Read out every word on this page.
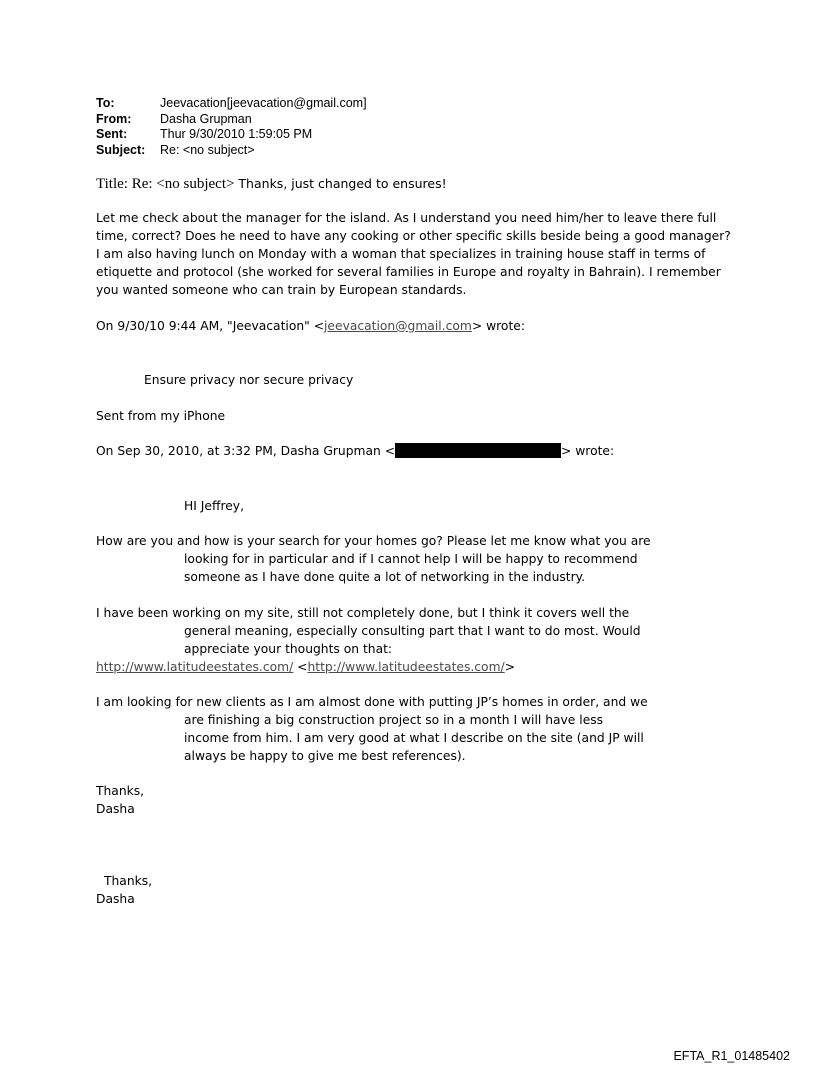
To:	Jeevacation[jeevacation@gmail.com]
From:	Dasha Grupman
Sent:	Thur 9/30/2010 1:59:05 PM
Subject:	Re: <no subject>
Title: Re: <no subject> Thanks, just changed to ensures!
Let me check about the manager for the island. As I understand you need him/her to leave there full
time, correct? Does he need to have any cooking or other specific skills beside being a good manager?
I am also having lunch on Monday with a woman that specializes in training house staff in terms of
etiquette and protocol (she worked for several families in Europe and royalty in Bahrain). I remember
you wanted someone who can train by European standards.
On 9/30/10 9:44 AM, "Jeevacation" <jeevacation@gmail.com> wrote:
Ensure privacy nor secure privacy
Sent from my iPhone
On Sep 30, 2010, at 3:32 PM, Dasha Grupman <	> wrote:
HI Jeffrey,
How are you and how is your search for your homes go? Please let me know what you are
looking for in particular and if I cannot help I will be happy to recommend
someone as I have done quite a lot of networking in the industry.
I have been working on my site, still not completely done, but I think it covers well the
general meaning, especially consulting part that I want to do most. Would
appreciate your thoughts on that:
http://www.latitudeestates.com/ <http://www.latitudeestates.com/>
I am looking for new clients as I am almost done with putting JP’s homes in order, and we
are finishing a big construction project so in a month I will have less
income from him. I am very good at what I describe on the site (and JP will
always be happy to give me best references).
Thanks,
Dasha
Thanks,
Dasha
EFTA_R1_01485402
